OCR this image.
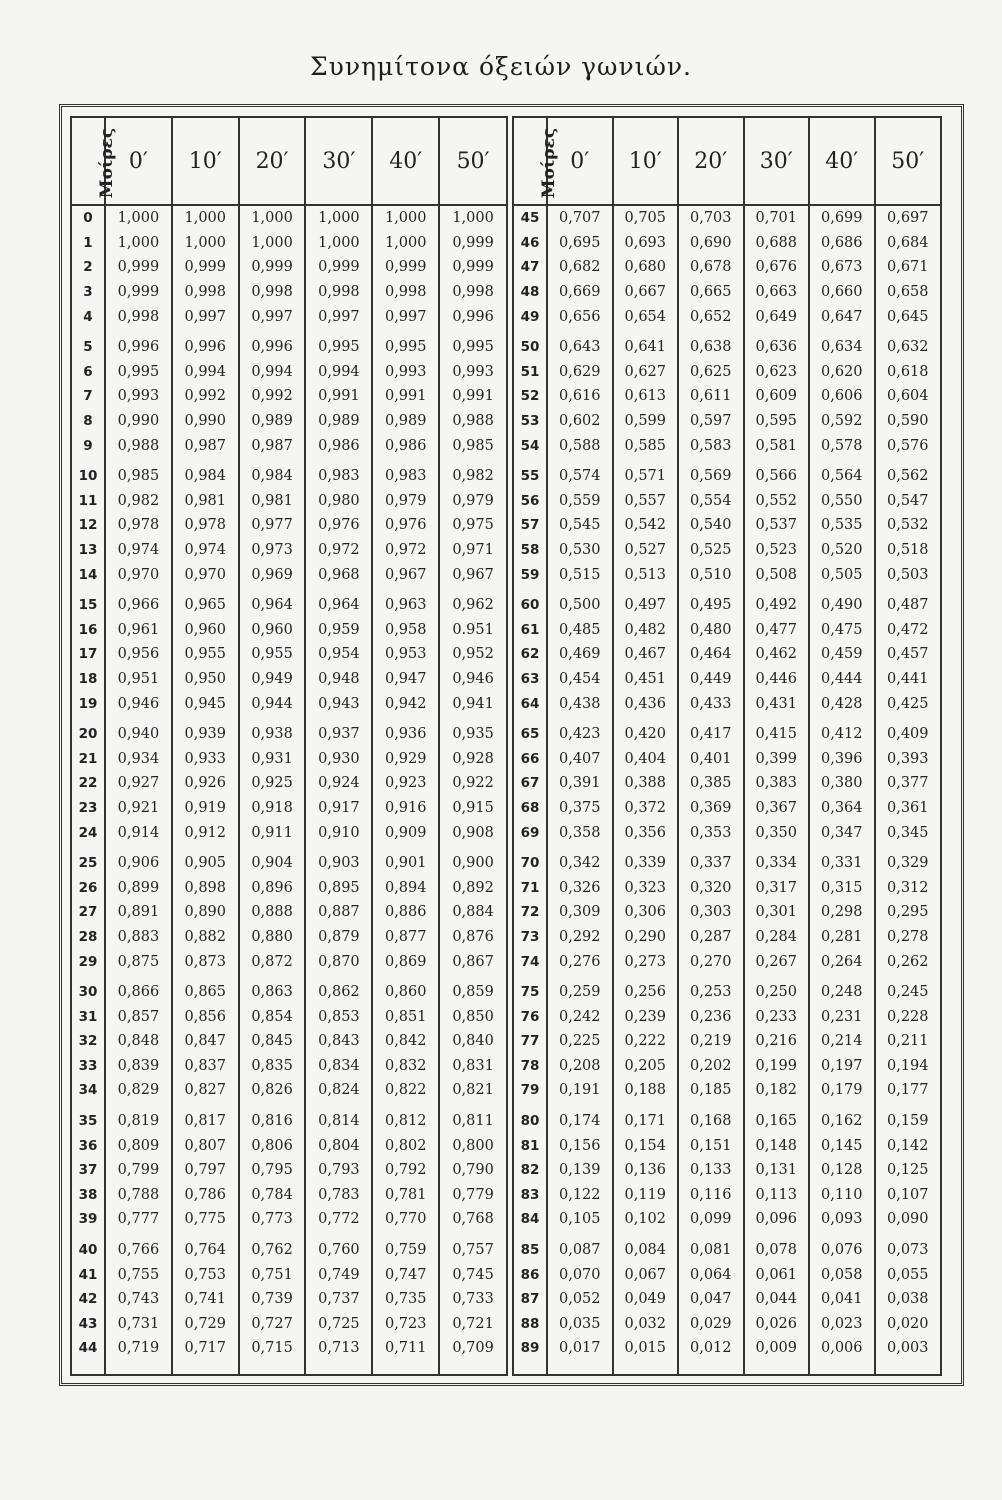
Συνημίτονα όξειών γωνιών.
Μοίρες	0′	10′	20′	30′	40′	50′
0	1,000	1,000	1,000	1,000	1,000	1,000
1	1,000	1,000	1,000	1,000	1,000	0,999
2	0,999	0,999	0,999	0,999	0,999	0,999
3	0,999	0,998	0,998	0,998	0,998	0,998
4	0,998	0,997	0,997	0,997	0,997	0,996
5	0,996	0,996	0,996	0,995	0,995	0,995
6	0,995	0,994	0,994	0,994	0,993	0,993
7	0,993	0,992	0,992	0,991	0,991	0,991
8	0,990	0,990	0,989	0,989	0,989	0,988
9	0,988	0,987	0,987	0,986	0,986	0,985
10	0,985	0,984	0,984	0,983	0,983	0,982
11	0,982	0,981	0,981	0,980	0,979	0,979
12	0,978	0,978	0,977	0,976	0,976	0,975
13	0,974	0,974	0,973	0,972	0,972	0,971
14	0,970	0,970	0,969	0,968	0,967	0,967
15	0,966	0,965	0,964	0,964	0,963	0,962
16	0,961	0,960	0,960	0,959	0,958	0.951
17	0,956	0,955	0,955	0,954	0,953	0,952
18	0,951	0,950	0,949	0,948	0,947	0,946
19	0,946	0,945	0,944	0,943	0,942	0,941
20	0,940	0,939	0,938	0,937	0,936	0,935
21	0,934	0,933	0,931	0,930	0,929	0,928
22	0,927	0,926	0,925	0,924	0,923	0,922
23	0,921	0,919	0,918	0,917	0,916	0,915
24	0,914	0,912	0,911	0,910	0,909	0,908
25	0,906	0,905	0,904	0,903	0,901	0,900
26	0,899	0,898	0,896	0,895	0,894	0,892
27	0,891	0,890	0,888	0,887	0,886	0,884
28	0,883	0,882	0,880	0,879	0,877	0,876
29	0,875	0,873	0,872	0,870	0,869	0,867
30	0,866	0,865	0,863	0,862	0,860	0,859
31	0,857	0,856	0,854	0,853	0,851	0,850
32	0,848	0,847	0,845	0,843	0,842	0,840
33	0,839	0,837	0,835	0,834	0,832	0,831
34	0,829	0,827	0,826	0,824	0,822	0,821
35	0,819	0,817	0,816	0,814	0,812	0,811
36	0,809	0,807	0,806	0,804	0,802	0,800
37	0,799	0,797	0,795	0,793	0,792	0,790
38	0,788	0,786	0,784	0,783	0,781	0,779
39	0,777	0,775	0,773	0,772	0,770	0,768
40	0,766	0,764	0,762	0,760	0,759	0,757
41	0,755	0,753	0,751	0,749	0,747	0,745
42	0,743	0,741	0,739	0,737	0,735	0,733
43	0,731	0,729	0,727	0,725	0,723	0,721
44	0,719	0,717	0,715	0,713	0,711	0,709

Μοίρες	0′	10′	20′	30′	40′	50′
45	0,707	0,705	0,703	0,701	0,699	0,697
46	0,695	0,693	0,690	0,688	0,686	0,684
47	0,682	0,680	0,678	0,676	0,673	0,671
48	0,669	0,667	0,665	0,663	0,660	0,658
49	0,656	0,654	0,652	0,649	0,647	0,645
50	0,643	0,641	0,638	0,636	0,634	0,632
51	0,629	0,627	0,625	0,623	0,620	0,618
52	0,616	0,613	0,611	0,609	0,606	0,604
53	0,602	0,599	0,597	0,595	0,592	0,590
54	0,588	0,585	0,583	0,581	0,578	0,576
55	0,574	0,571	0,569	0,566	0,564	0,562
56	0,559	0,557	0,554	0,552	0,550	0,547
57	0,545	0,542	0,540	0,537	0,535	0,532
58	0,530	0,527	0,525	0,523	0,520	0,518
59	0,515	0,513	0,510	0,508	0,505	0,503
60	0,500	0,497	0,495	0,492	0,490	0,487
61	0,485	0,482	0,480	0,477	0,475	0,472
62	0,469	0,467	0,464	0,462	0,459	0,457
63	0,454	0,451	0,449	0,446	0,444	0,441
64	0,438	0,436	0,433	0,431	0,428	0,425
65	0,423	0,420	0,417	0,415	0,412	0,409
66	0,407	0,404	0,401	0,399	0,396	0,393
67	0,391	0,388	0,385	0,383	0,380	0,377
68	0,375	0,372	0,369	0,367	0,364	0,361
69	0,358	0,356	0,353	0,350	0,347	0,345
70	0,342	0,339	0,337	0,334	0,331	0,329
71	0,326	0,323	0,320	0,317	0,315	0,312
72	0,309	0,306	0,303	0,301	0,298	0,295
73	0,292	0,290	0,287	0,284	0,281	0,278
74	0,276	0,273	0,270	0,267	0,264	0,262
75	0,259	0,256	0,253	0,250	0,248	0,245
76	0,242	0,239	0,236	0,233	0,231	0,228
77	0,225	0,222	0,219	0,216	0,214	0,211
78	0,208	0,205	0,202	0,199	0,197	0,194
79	0,191	0,188	0,185	0,182	0,179	0,177
80	0,174	0,171	0,168	0,165	0,162	0,159
81	0,156	0,154	0,151	0,148	0,145	0,142
82	0,139	0,136	0,133	0,131	0,128	0,125
83	0,122	0,119	0,116	0,113	0,110	0,107
84	0,105	0,102	0,099	0,096	0,093	0,090
85	0,087	0,084	0,081	0,078	0,076	0,073
86	0,070	0,067	0,064	0,061	0,058	0,055
87	0,052	0,049	0,047	0,044	0,041	0,038
88	0,035	0,032	0,029	0,026	0,023	0,020
89	0,017	0,015	0,012	0,009	0,006	0,003
